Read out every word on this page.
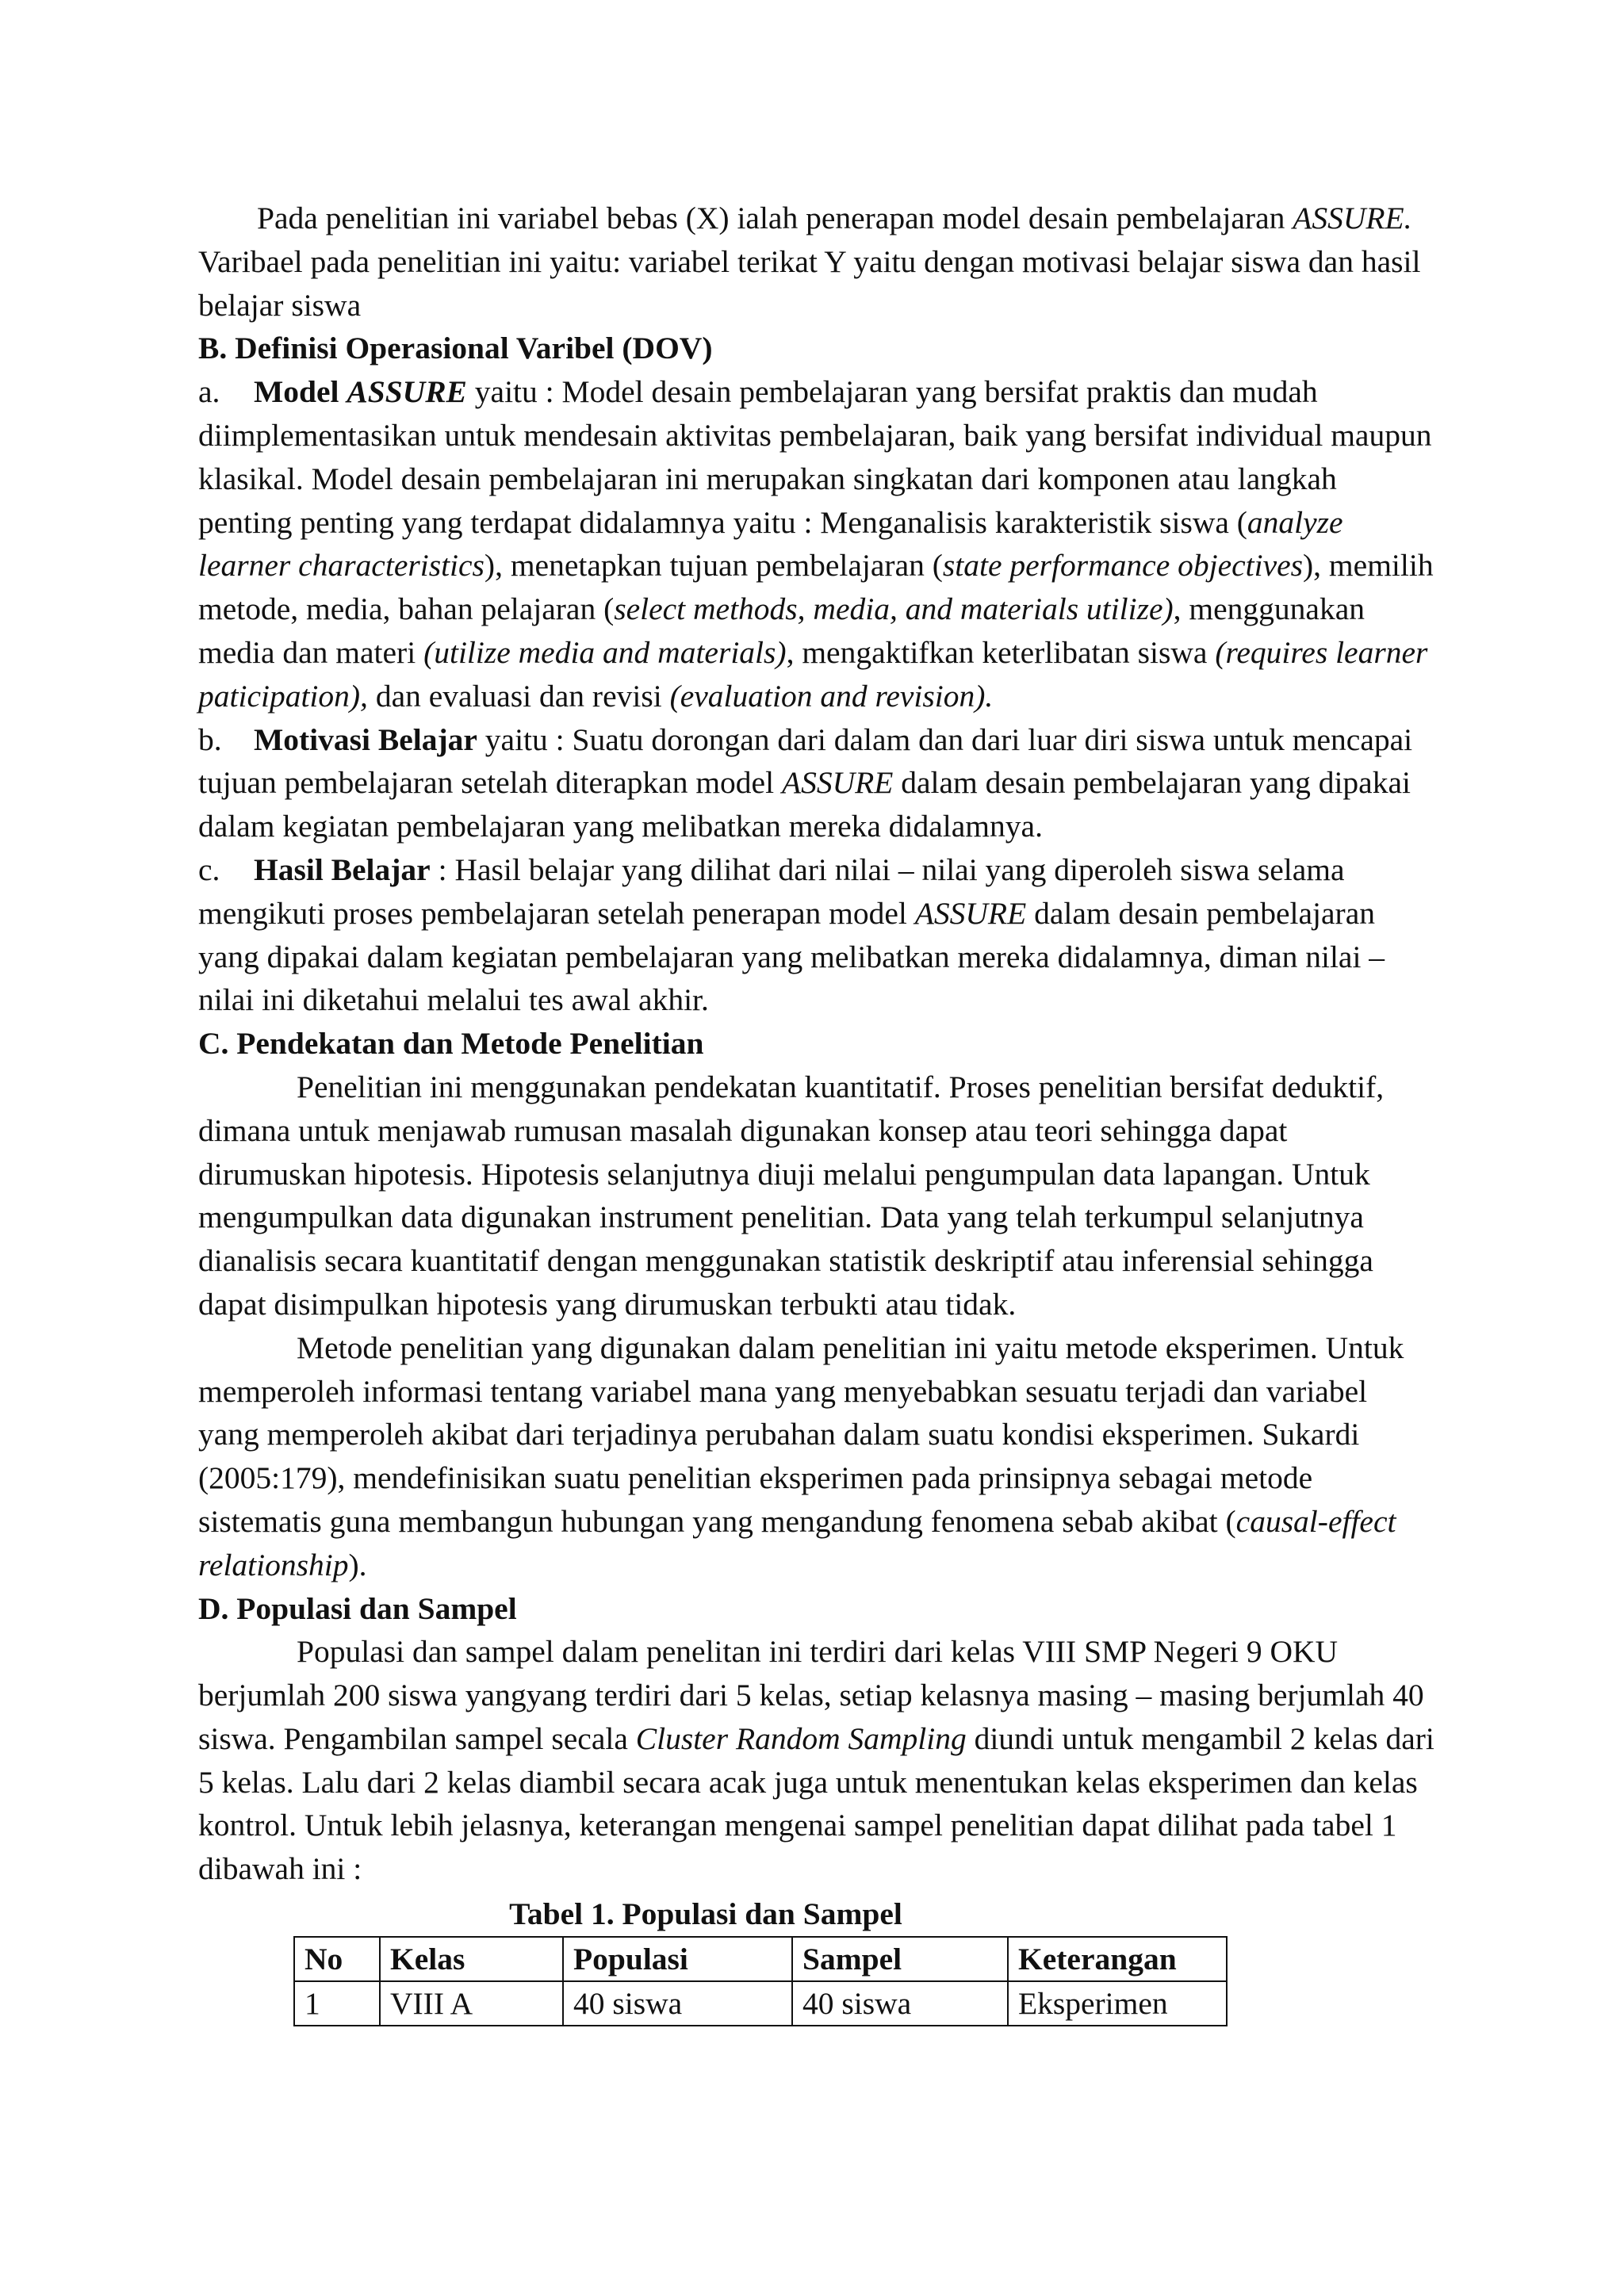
Pada penelitian ini variabel bebas (X) ialah penerapan model desain pembelajaran ASSURE. Varibael pada penelitian ini yaitu: variabel terikat Y yaitu dengan motivasi belajar siswa dan hasil belajar siswa

B. Definisi Operasional Varibel (DOV)

a. Model ASSURE yaitu : Model desain pembelajaran yang bersifat praktis dan mudah diimplementasikan untuk mendesain aktivitas pembelajaran, baik yang bersifat individual maupun klasikal. Model desain pembelajaran ini merupakan singkatan dari komponen atau langkah penting penting yang terdapat didalamnya yaitu : Menganalisis karakteristik siswa (analyze learner characteristics), menetapkan tujuan pembelajaran (state performance objectives), memilih metode, media, bahan pelajaran (select methods, media, and materials utilize), menggunakan media dan materi (utilize media and materials), mengaktifkan keterlibatan siswa (requires learner paticipation), dan evaluasi dan revisi (evaluation and revision).

b. Motivasi Belajar yaitu : Suatu dorongan dari dalam dan dari luar diri siswa untuk mencapai tujuan pembelajaran setelah diterapkan model ASSURE dalam desain pembelajaran yang dipakai dalam kegiatan pembelajaran yang melibatkan mereka didalamnya.

c. Hasil Belajar : Hasil belajar yang dilihat dari nilai – nilai yang diperoleh siswa selama mengikuti proses pembelajaran setelah penerapan model ASSURE dalam desain pembelajaran yang dipakai dalam kegiatan pembelajaran yang melibatkan mereka didalamnya, diman nilai – nilai ini diketahui melalui tes awal akhir.

C. Pendekatan dan Metode Penelitian

Penelitian ini menggunakan pendekatan kuantitatif. Proses penelitian bersifat deduktif, dimana untuk menjawab rumusan masalah digunakan konsep atau teori sehingga dapat dirumuskan hipotesis. Hipotesis selanjutnya diuji melalui pengumpulan data lapangan. Untuk mengumpulkan data digunakan instrument penelitian. Data yang telah terkumpul selanjutnya dianalisis secara kuantitatif dengan menggunakan statistik deskriptif atau inferensial sehingga dapat disimpulkan hipotesis yang dirumuskan terbukti atau tidak.

Metode penelitian yang digunakan dalam penelitian ini yaitu metode eksperimen. Untuk memperoleh informasi tentang variabel mana yang menyebabkan sesuatu terjadi dan variabel yang memperoleh akibat dari terjadinya perubahan dalam suatu kondisi eksperimen. Sukardi (2005:179), mendefinisikan suatu penelitian eksperimen pada prinsipnya sebagai metode sistematis guna membangun hubungan yang mengandung fenomena sebab akibat (causal-effect relationship).

D. Populasi dan Sampel

Populasi dan sampel dalam penelitan ini terdiri dari kelas VIII SMP Negeri 9 OKU berjumlah 200 siswa yangyang terdiri dari 5 kelas, setiap kelasnya masing – masing berjumlah 40 siswa. Pengambilan sampel secala Cluster Random Sampling diundi untuk mengambil 2 kelas dari 5 kelas. Lalu dari 2 kelas diambil secara acak juga untuk menentukan kelas eksperimen dan kelas kontrol. Untuk lebih jelasnya, keterangan mengenai sampel penelitian dapat dilihat pada tabel 1 dibawah ini :

Tabel 1. Populasi dan Sampel

No	Kelas	Populasi	Sampel	Keterangan
1	VIII A	40 siswa	40 siswa	Eksperimen
